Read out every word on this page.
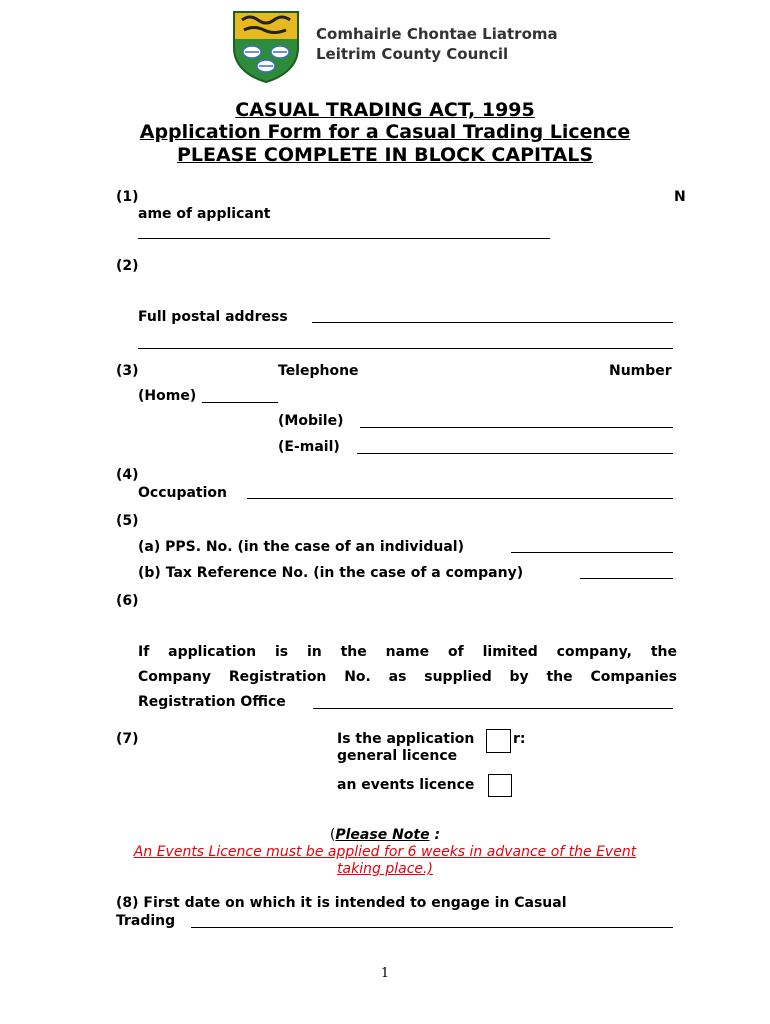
Comhairle Chontae Liatroma
Leitrim County Council
CASUAL TRADING ACT, 1995
Application Form for a Casual Trading Licence
PLEASE COMPLETE IN BLOCK CAPITALS
(1)	N
ame of applicant
(2)
Full postal address
(3)	Telephone	Number
(Home)
(Mobile)
(E-mail)
(4)
Occupation
(5)
(a) PPS. No. (in the case of an individual)
(b) Tax Reference No. (in the case of a company)
(6)
If application is in the name of limited company, the
Company Registration No. as supplied by the Companies
Registration Office
(7)	Is the application	r:
general licence
an events licence
(Please Note :
An Events Licence must be applied for 6 weeks in advance of the Event
taking place.)
(8) First date on which it is intended to engage in Casual
Trading
1
